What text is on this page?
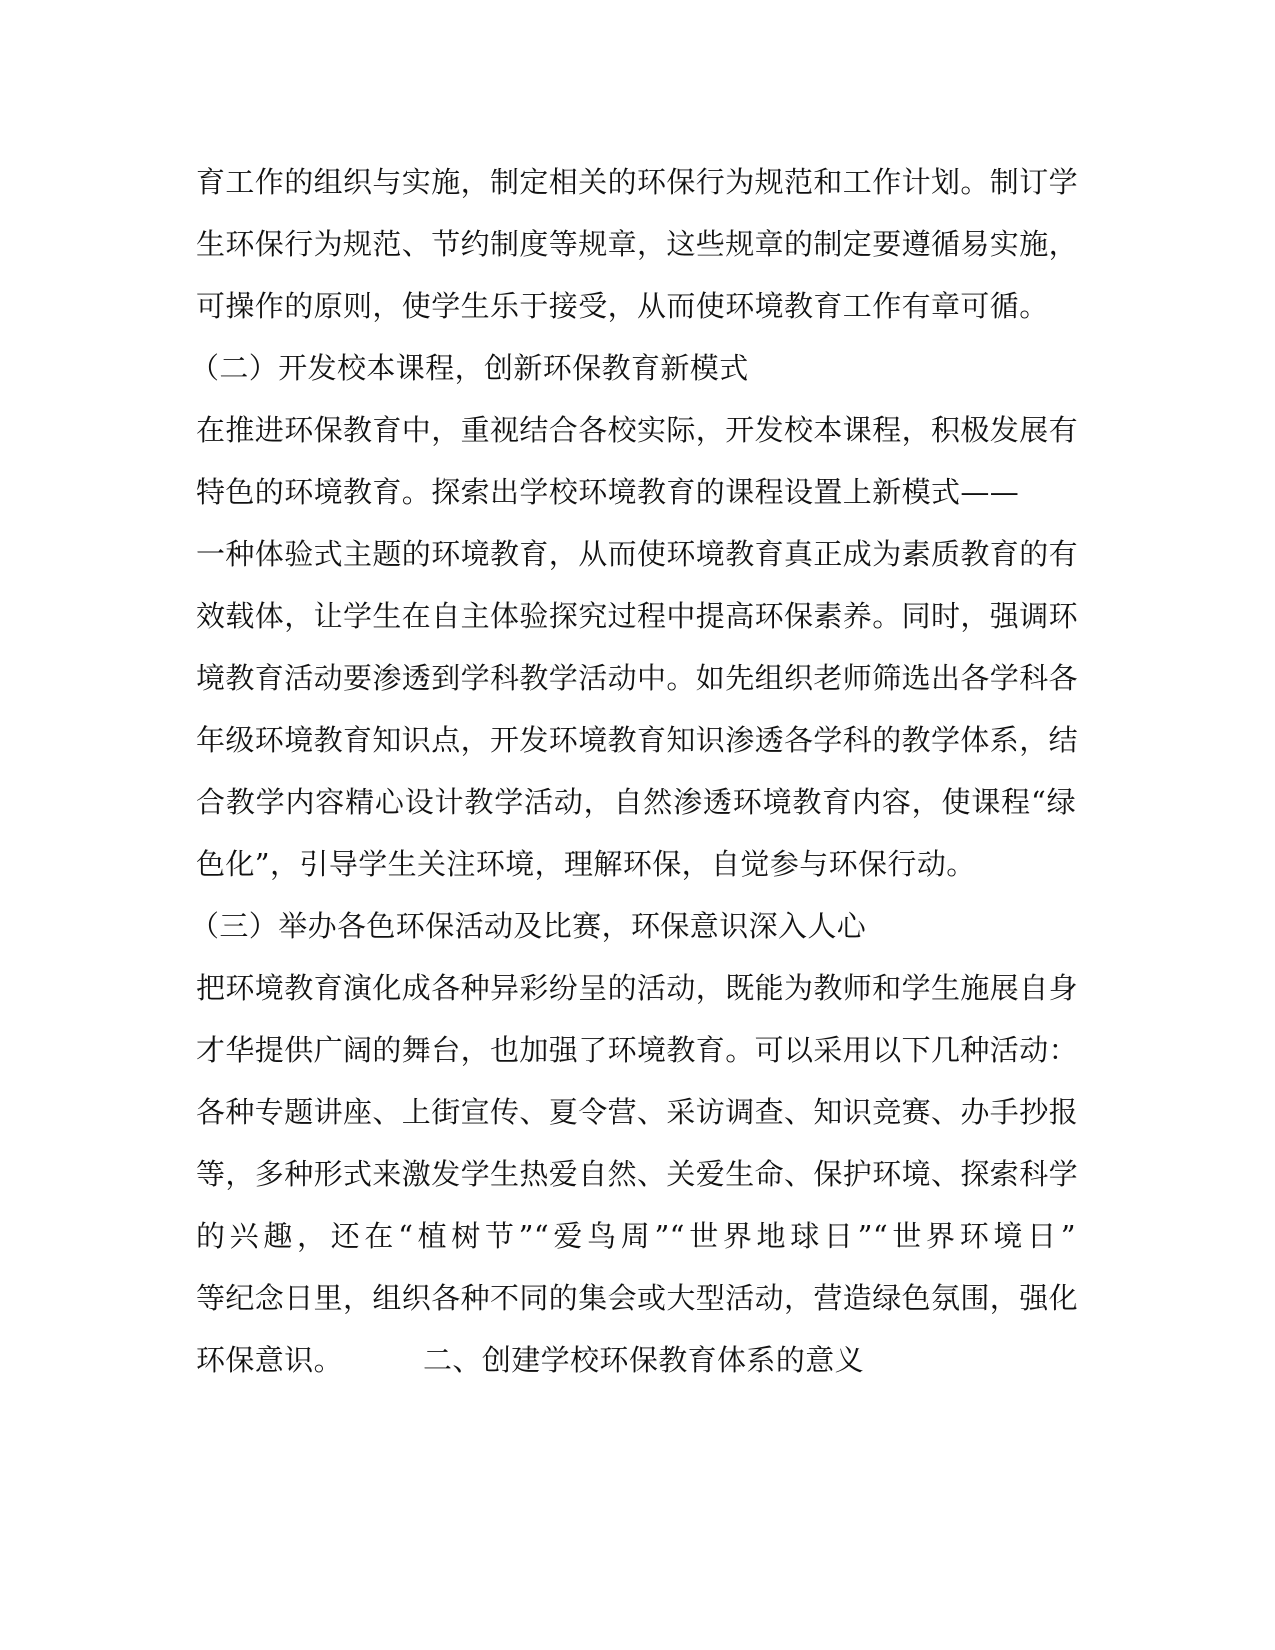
育工作的组织与实施，制定相关的环保行为规范和工作计划。制订学
生环保行为规范、节约制度等规章，这些规章的制定要遵循易实施，
可操作的原则，使学生乐于接受，从而使环境教育工作有章可循。
（二）开发校本课程，创新环保教育新模式
在推进环保教育中，重视结合各校实际，开发校本课程，积极发展有
特色的环境教育。探索出学校环境教育的课程设置上新模式——
一种体验式主题的环境教育，从而使环境教育真正成为素质教育的有
效载体，让学生在自主体验探究过程中提高环保素养。同时，强调环
境教育活动要渗透到学科教学活动中。如先组织老师筛选出各学科各
年级环境教育知识点，开发环境教育知识渗透各学科的教学体系，结
合教学内容精心设计教学活动，自然渗透环境教育内容，使课程“绿
色化”，引导学生关注环境，理解环保，自觉参与环保行动。
（三）举办各色环保活动及比赛，环保意识深入人心
把环境教育演化成各种异彩纷呈的活动，既能为教师和学生施展自身
才华提供广阔的舞台，也加强了环境教育。可以采用以下几种活动：
各种专题讲座、上街宣传、夏令营、采访调查、知识竞赛、办手抄报
等，多种形式来激发学生热爱自然、关爱生命、保护环境、探索科学
的兴趣，还在“植树节”“爱鸟周”“世界地球日”“世界环境日”
等纪念日里，组织各种不同的集会或大型活动，营造绿色氛围，强化
环保意识。	二、创建学校环保教育体系的意义
